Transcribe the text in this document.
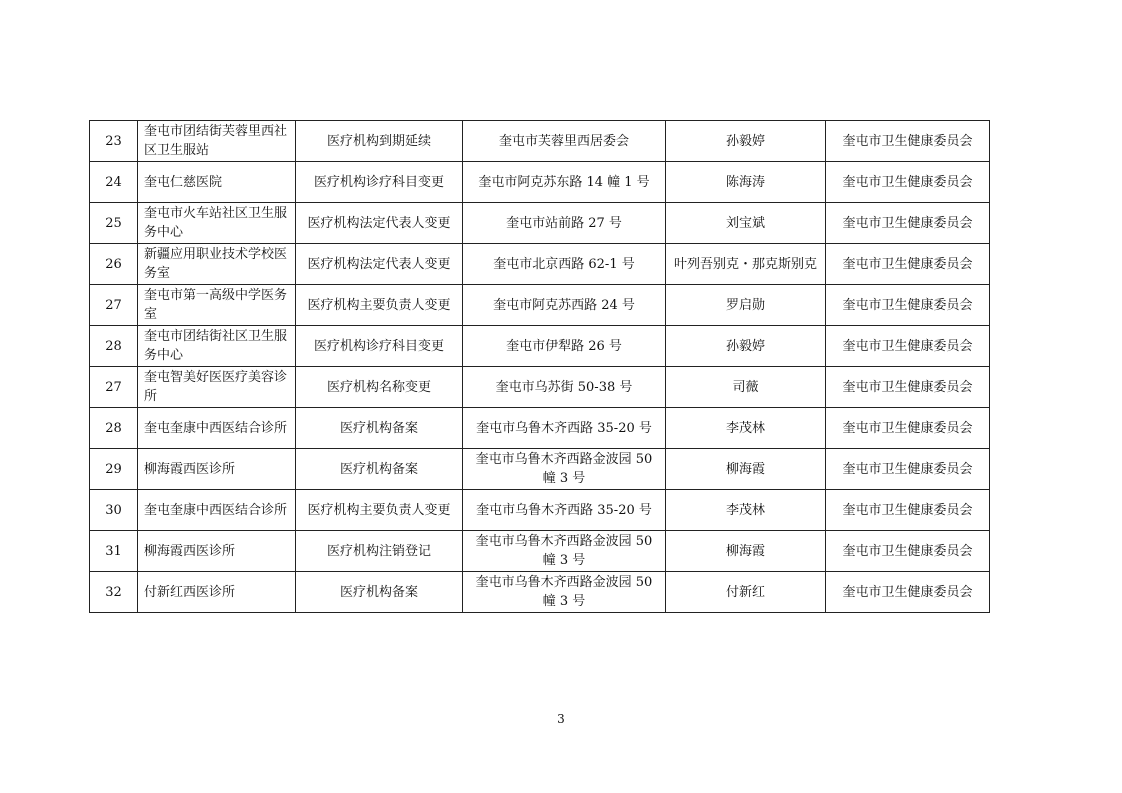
23	奎屯市团结街芙蓉里西社区卫生服站	医疗机构到期延续	奎屯市芙蓉里西居委会	孙毅婷	奎屯市卫生健康委员会
24	奎屯仁慈医院	医疗机构诊疗科目变更	奎屯市阿克苏东路 14 幢 1 号	陈海涛	奎屯市卫生健康委员会
25	奎屯市火车站社区卫生服务中心	医疗机构法定代表人变更	奎屯市站前路 27 号	刘宝斌	奎屯市卫生健康委员会
26	新疆应用职业技术学校医务室	医疗机构法定代表人变更	奎屯市北京西路 62-1 号	叶列吾别克・那克斯别克	奎屯市卫生健康委员会
27	奎屯市第一高级中学医务室	医疗机构主要负责人变更	奎屯市阿克苏西路 24 号	罗启勋	奎屯市卫生健康委员会
28	奎屯市团结街社区卫生服务中心	医疗机构诊疗科目变更	奎屯市伊犁路 26 号	孙毅婷	奎屯市卫生健康委员会
27	奎屯智美好医医疗美容诊所	医疗机构名称变更	奎屯市乌苏街 50-38 号	司薇	奎屯市卫生健康委员会
28	奎屯奎康中西医结合诊所	医疗机构备案	奎屯市乌鲁木齐西路 35-20 号	李茂林	奎屯市卫生健康委员会
29	柳海霞西医诊所	医疗机构备案	奎屯市乌鲁木齐西路金波园 50 幢 3 号	柳海霞	奎屯市卫生健康委员会
30	奎屯奎康中西医结合诊所	医疗机构主要负责人变更	奎屯市乌鲁木齐西路 35-20 号	李茂林	奎屯市卫生健康委员会
31	柳海霞西医诊所	医疗机构注销登记	奎屯市乌鲁木齐西路金波园 50 幢 3 号	柳海霞	奎屯市卫生健康委员会
32	付新红西医诊所	医疗机构备案	奎屯市乌鲁木齐西路金波园 50 幢 3 号	付新红	奎屯市卫生健康委员会
3
